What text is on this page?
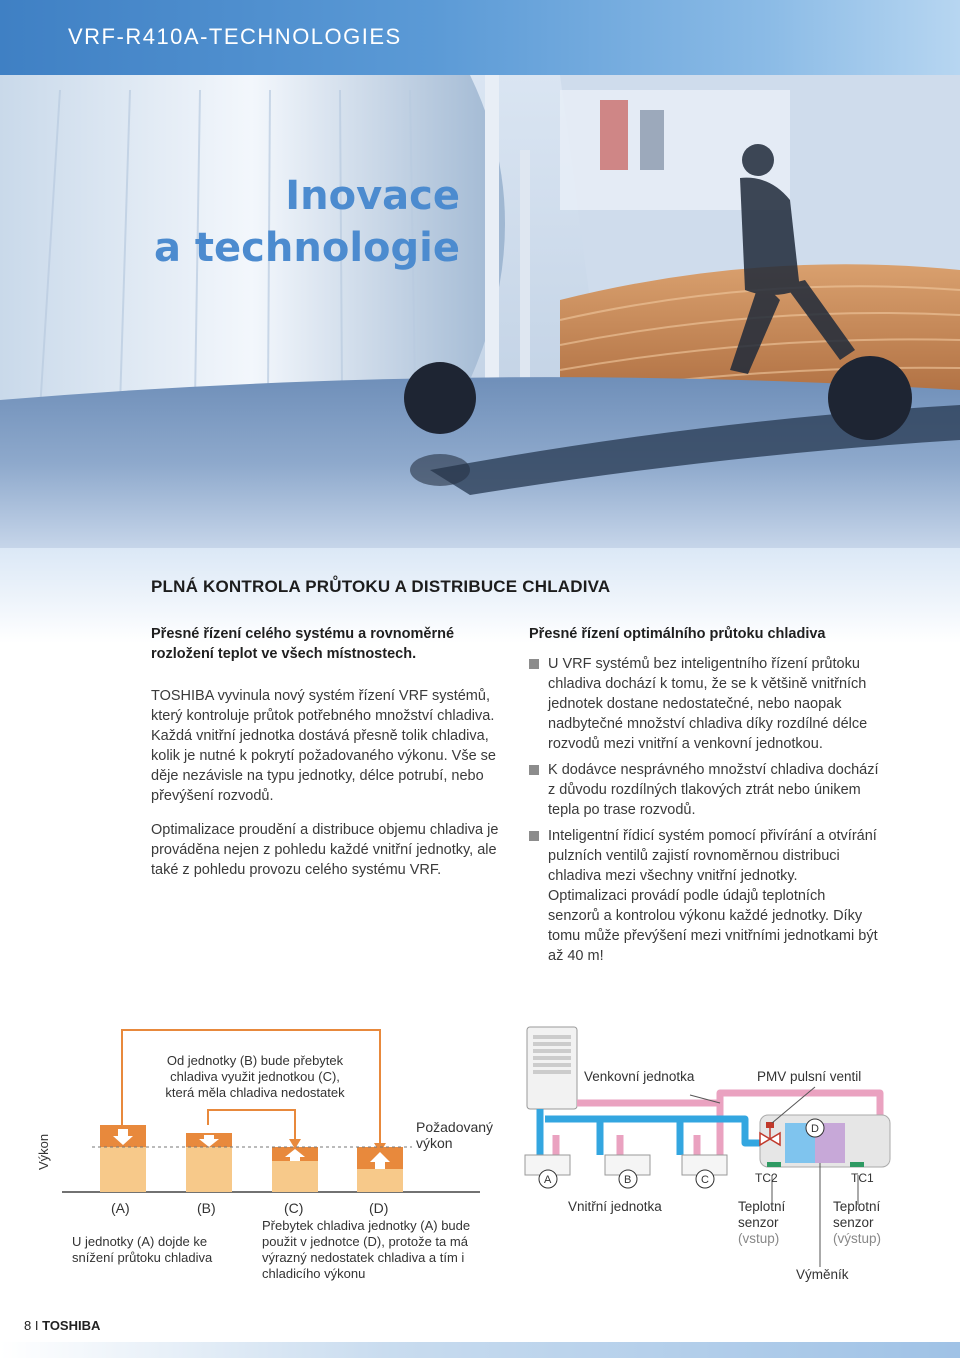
VRF-R410A-TECHNOLOGIES
Inovace
a technologie
PLNÁ KONTROLA PRŮTOKU A DISTRIBUCE CHLADIVA

Přesné řízení celého systému a rovnoměrné rozložení teplot ve všech místnostech.

TOSHIBA vyvinula nový systém řízení VRF systémů, který kontroluje průtok potřebného množství chladiva. Každá vnitřní jednotka dostává přesně tolik chladiva, kolik je nutné k pokrytí požadovaného výkonu. Vše se děje nezávisle na typu jednotky, délce potrubí, nebo převýšení rozvodů.

Optimalizace proudění a distribuce objemu chladiva je prováděna nejen z pohledu každé vnitřní jednotky, ale také z pohledu provozu celého systému VRF.

Přesné řízení optimálního průtoku chladiva

U VRF systémů bez inteligentního řízení průtoku chladiva dochází k tomu, že se k většině vnitřních jednotek dostane nedostatečné, nebo naopak nadbytečné množství chladiva díky rozdílné délce rozvodů mezi vnitřní a venkovní jednotkou.
K dodávce nesprávného množství chladiva dochází z důvodu rozdílných tlakových ztrát nebo únikem tepla po trase rozvodů.
Inteligentní řídicí systém pomocí přivírání a otvírání pulzních ventilů zajistí rovnoměrnou distribuci chladiva mezi všechny vnitřní jednotky. Optimalizaci provádí podle údajů teplotních senzorů a kontrolou výkonu každé jednotky. Díky tomu může převýšení mezi vnitřními jednotkami být až 40 m!
Od jednotky (B) bude přebytek
chladiva využit jednotkou (C),
která měla chladiva nedostatek
Požadovaný
výkon
Výkon
(A)	(B)	(C)	(D)
U jednotky (A) dojde ke
snížení průtoku chladiva
Přebytek chladiva jednotky (A) bude
použit v jednotce (D), protože ta má
výrazný nedostatek chladiva a tím i
chladicího výkonu
Venkovní jednotka	PMV pulsní ventil
A	B	C
D
TC2	TC1
Vnitřní jednotka	Teplotní
senzor
(vstup)
Teplotní
senzor
(výstup)
Výměník
8 I TOSHIBA
